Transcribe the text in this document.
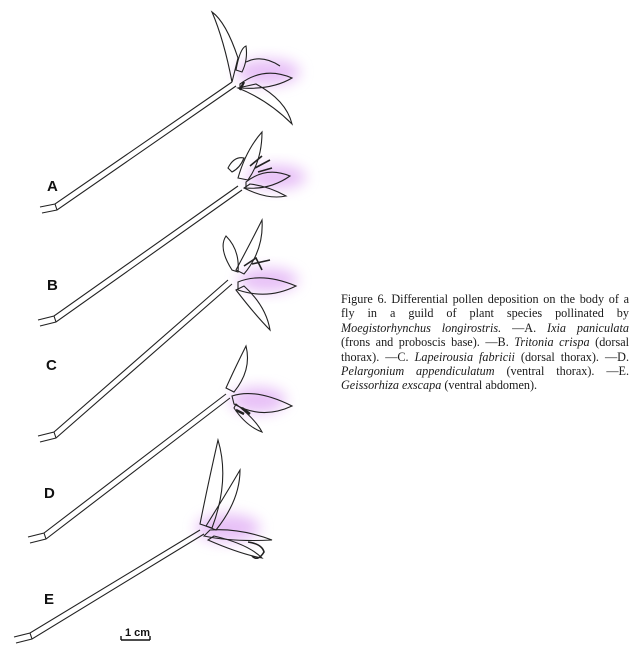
A
B
C
D
E
1 cm
Figure 6. Differential pollen deposition on the body of a fly in a guild of plant species pollinated by Moegistorhynchus longirostris. —A. Ixia paniculata (frons and proboscis base). —B. Tritonia crispa (dorsal thorax). —C. Lapeirousia fabricii (dorsal thorax). —D. Pelargonium appendiculatum (ventral thorax). —E. Geissorhiza exscapa (ventral abdomen).
